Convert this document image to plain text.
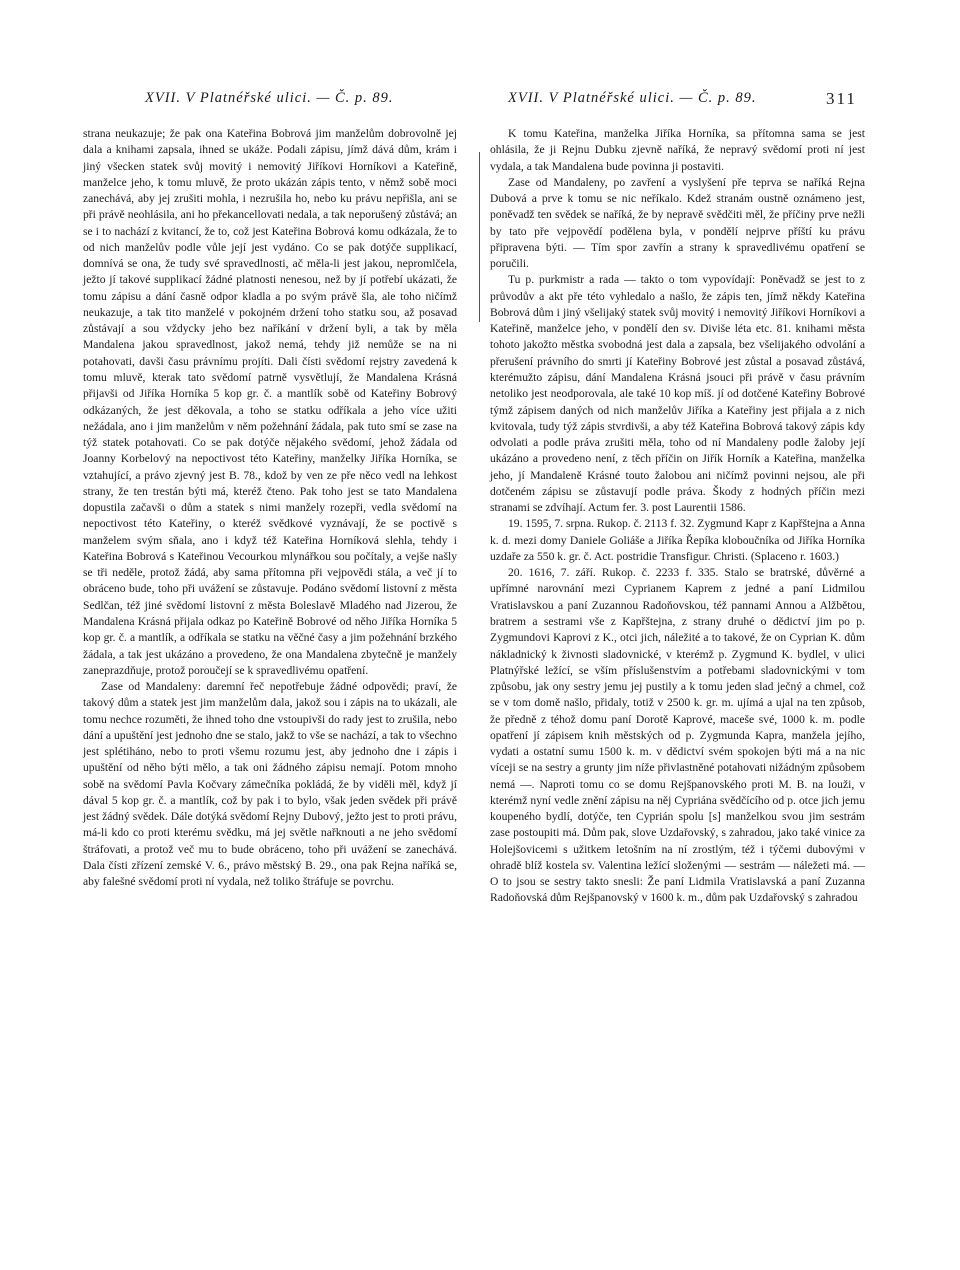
XVII. V Platnéřské ulici. — Č. p. 89.	XVII. V Platnéřské ulici. — Č. p. 89.	311

strana neukazuje; že pak ona Kateřina Bobrová jim manželům dobrovolně jej dala a knihami zapsala, ihned se ukáže. Podali zápisu, jímž dává dům, krám i jiný všecken statek svůj movitý i nemovitý Jiříkovi Horníkovi a Kateřině, manželce jeho, k tomu mluvě, že proto ukázán zápis tento, v němž sobě moci zanechává, aby jej zrušiti mohla, i nezrušila ho, nebo ku právu nepřišla, ani se při právě neohlásila, ani ho překancellovati nedala, a tak neporušený zůstává; an se i to nachází z kvitancí, že to, což jest Kateřina Bobrová komu odkázala, že to od nich manželův podle vůle její jest vydáno. Co se pak dotýče supplikací, domnívá se ona, že tudy své spravedlnosti, ač měla-li jest jakou, nepromlčela, ježto jí takové supplikací žádné platnosti nenesou, než by jí potřebí ukázati, že tomu zápisu a dání časně odpor kladla a po svým právě šla, ale toho ničímž neukazuje, a tak tito manželé v pokojném držení toho statku sou, až posavad zůstávají a sou vždycky jeho bez naříkání v držení byli, a tak by měla Mandalena jakou spravedlnost, jakož nemá, tehdy již nemůže se na ni potahovati, davši času právnímu projíti. Dali čísti svědomí rejstry zavedená k tomu mluvě, kterak tato svědomí patrně vysvětlují, že Mandalena Krásná přijavši od Jiříka Horníka 5 kop gr. č. a mantlík sobě od Kateřiny Bobrový odkázaných, že jest děkovala, a toho se statku odříkala a jeho více užiti nežádala, ano i jim manželům v něm požehnání žádala, pak tuto smí se zase na týž statek potahovati. Co se pak dotýče nějakého svědomí, jehož žádala od Joanny Korbelový na nepoctivost této Kateřiny, manželky Jiříka Horníka, se vztahující, a právo zjevný jest B. 78., kdož by ven ze pře něco vedl na lehkost strany, že ten trestán býti má, kteréž čteno. Pak toho jest se tato Mandalena dopustila začavši o dům a statek s nimi manžely rozepři, vedla svědomí na nepoctivost této Kateřiny, o kteréž svědkové vyznávají, že se poctivě s manželem svým sňala, ano i když též Kateřina Horníková slehla, tehdy i Kateřina Bobrová s Kateřinou Vecourkou mlynářkou sou počítaly, a vejše našly se tři neděle, protož žádá, aby sama přítomna při vejpovědi stála, a več jí to obráceno bude, toho při uvážení se zůstavuje. Podáno svědomí listovní z města Sedlčan, též jiné svědomí listovní z města Boleslavě Mladého nad Jizerou, že Mandalena Krásná přijala odkaz po Kateřině Bobrové od něho Jiříka Horníka 5 kop gr. č. a mantlík, a odříkala se statku na věčné časy a jim požehnání brzkého žádala, a tak jest ukázáno a provedeno, že ona Mandalena zbytečně je manžely zaneprazdňuje, protož poroučejí se k spravedlivému opatření.

Zase od Mandaleny: daremní řeč nepotřebuje žádné odpovědi; praví, že takový dům a statek jest jim manželům dala, jakož sou i zápis na to ukázali, ale tomu nechce rozuměti, že ihned toho dne vstoupivši do rady jest to zrušila, nebo dání a upuštění jest jednoho dne se stalo, jakž to vše se nachází, a tak to všechno jest splétiháno, nebo to proti všemu rozumu jest, aby jednoho dne i zápis i upuštění od něho býti mělo, a tak oni žádného zápisu nemají. Potom mnoho sobě na svědomí Pavla Kočvary zámečníka pokládá, že by viděli měl, když jí dával 5 kop gr. č. a mantlík, což by pak i to bylo, však jeden svědek při právě jest žádný svědek. Dále dotýká svědomí Rejny Dubový, ježto jest to proti právu, má-li kdo co proti kterému svědku, má jej světle nařknouti a ne jeho svědomí štráfovati, a protož več mu to bude obráceno, toho při uvážení se zanechává. Dala čísti zřízení zemské V. 6., právo městský B. 29., ona pak Rejna naříká se, aby falešné svědomí proti ní vydala, než toliko štráfuje se povrchu.

K tomu Kateřina, manželka Jiříka Horníka, sa přítomna sama se jest ohlásila, že ji Rejnu Dubku zjevně naříká, že nepravý svědomí proti ní jest vydala, a tak Mandalena bude povinna ji postaviti.

Zase od Mandaleny, po zavření a vyslyšení pře teprva se naříká Rejna Dubová a prve k tomu se nic neříkalo. Kdež stranám oustně oznámeno jest, poněvadž ten svědek se naříká, že by nepravě svědčiti měl, že příčiny prve nežli by tato pře vejpovědí podělena byla, v pondělí nejprve příští ku právu připravena býti. — Tím spor zavřín a strany k spravedlivému opatření se poručili.

Tu p. purkmistr a rada — takto o tom vypovídají: Poněvadž se jest to z průvodův a akt pře této vyhledalo a našlo, že zápis ten, jímž někdy Kateřina Bobrová dům i jiný všelijaký statek svůj movitý i nemovitý Jiříkovi Horníkovi a Kateřině, manželce jeho, v pondělí den sv. Diviše léta etc. 81. knihami města tohoto jakožto městka svobodná jest dala a zapsala, bez všelijakého odvolání a přerušení právního do smrti jí Kateřiny Bobrové jest zůstal a posavad zůstává, kterémužto zápisu, dání Mandalena Krásná jsouci při právě v času právním netoliko jest neodporovala, ale také 10 kop míš. jí od dotčené Kateřiny Bobrové týmž zápisem daných od nich manželův Jiříka a Kateřiny jest přijala a z nich kvitovala, tudy týž zápis stvrdivši, a aby též Kateřina Bobrová takový zápis kdy odvolati a podle práva zrušiti měla, toho od ní Mandaleny podle žaloby její ukázáno a provedeno není, z těch příčin on Jiřík Horník a Kateřina, manželka jeho, jí Mandaleně Krásné touto žalobou ani ničímž povinni nejsou, ale při dotčeném zápisu se zůstavují podle práva. Škody z hodných příčin mezi stranami se zdvíhají. Actum fer. 3. post Laurentii 1586.

19. 1595, 7. srpna. Rukop. č. 2113 f. 32. Zygmund Kapr z Kapřštejna a Anna k. d. mezi domy Daniele Goliáše a Jiříka Řepíka kloboučníka od Jiříka Horníka uzdaře za 550 k. gr. č. Act. postridie Transfigur. Christi. (Splaceno r. 1603.)

20. 1616, 7. září. Rukop. č. 2233 f. 335. Stalo se bratrské, důvěrné a upřímné narovnání mezi Cyprianem Kaprem z jedné a paní Lidmilou Vratislavskou a paní Zuzannou Radoňovskou, též pannami Annou a Alžbětou, bratrem a sestrami vše z Kapřštejna, z strany druhé o dědictví jim po p. Zygmundovi Kaprovi z K., otci jich, náležité a to takové, že on Cyprian K. dům nákladnický k živnosti sladovnické, v kterémž p. Zygmund K. bydlel, v ulici Platnýřské ležící, se vším příslušenstvím a potřebami sladovnickými v tom způsobu, jak ony sestry jemu jej pustily a k tomu jeden slad ječný a chmel, což se v tom domě našlo, přidaly, totiž v 2500 k. gr. m. ujímá a ujal na ten způsob, že předně z téhož domu paní Dorotě Kaprové, maceše své, 1000 k. m. podle opatření jí zápisem knih městských od p. Zygmunda Kapra, manžela jejího, vydati a ostatní sumu 1500 k. m. v dědictví svém spokojen býti má a na nic víceji se na sestry a grunty jim níže přivlastněné potahovati nižádným způsobem nemá —. Naproti tomu co se domu Rejšpanovského proti M. B. na louži, v kterémž nyní vedle znění zápisu na něj Cypriána svědčícího od p. otce jich jemu koupeného bydlí, dotýče, ten Cyprián spolu [s] manželkou svou jim sestrám zase postoupiti má. Dům pak, slove Uzdařovský, s zahradou, jako také vinice za Holejšovicemi s užitkem letošním na ní zrostlým, též i týčemi dubovými v ohradě blíž kostela sv. Valentina ležící složenými — sestrám — náležeti má. — O to jsou se sestry takto snesli: Že paní Lidmila Vratislavská a paní Zuzanna Radoňovská dům Rejšpanovský v 1600 k. m., dům pak Uzdařovský s zahradou
